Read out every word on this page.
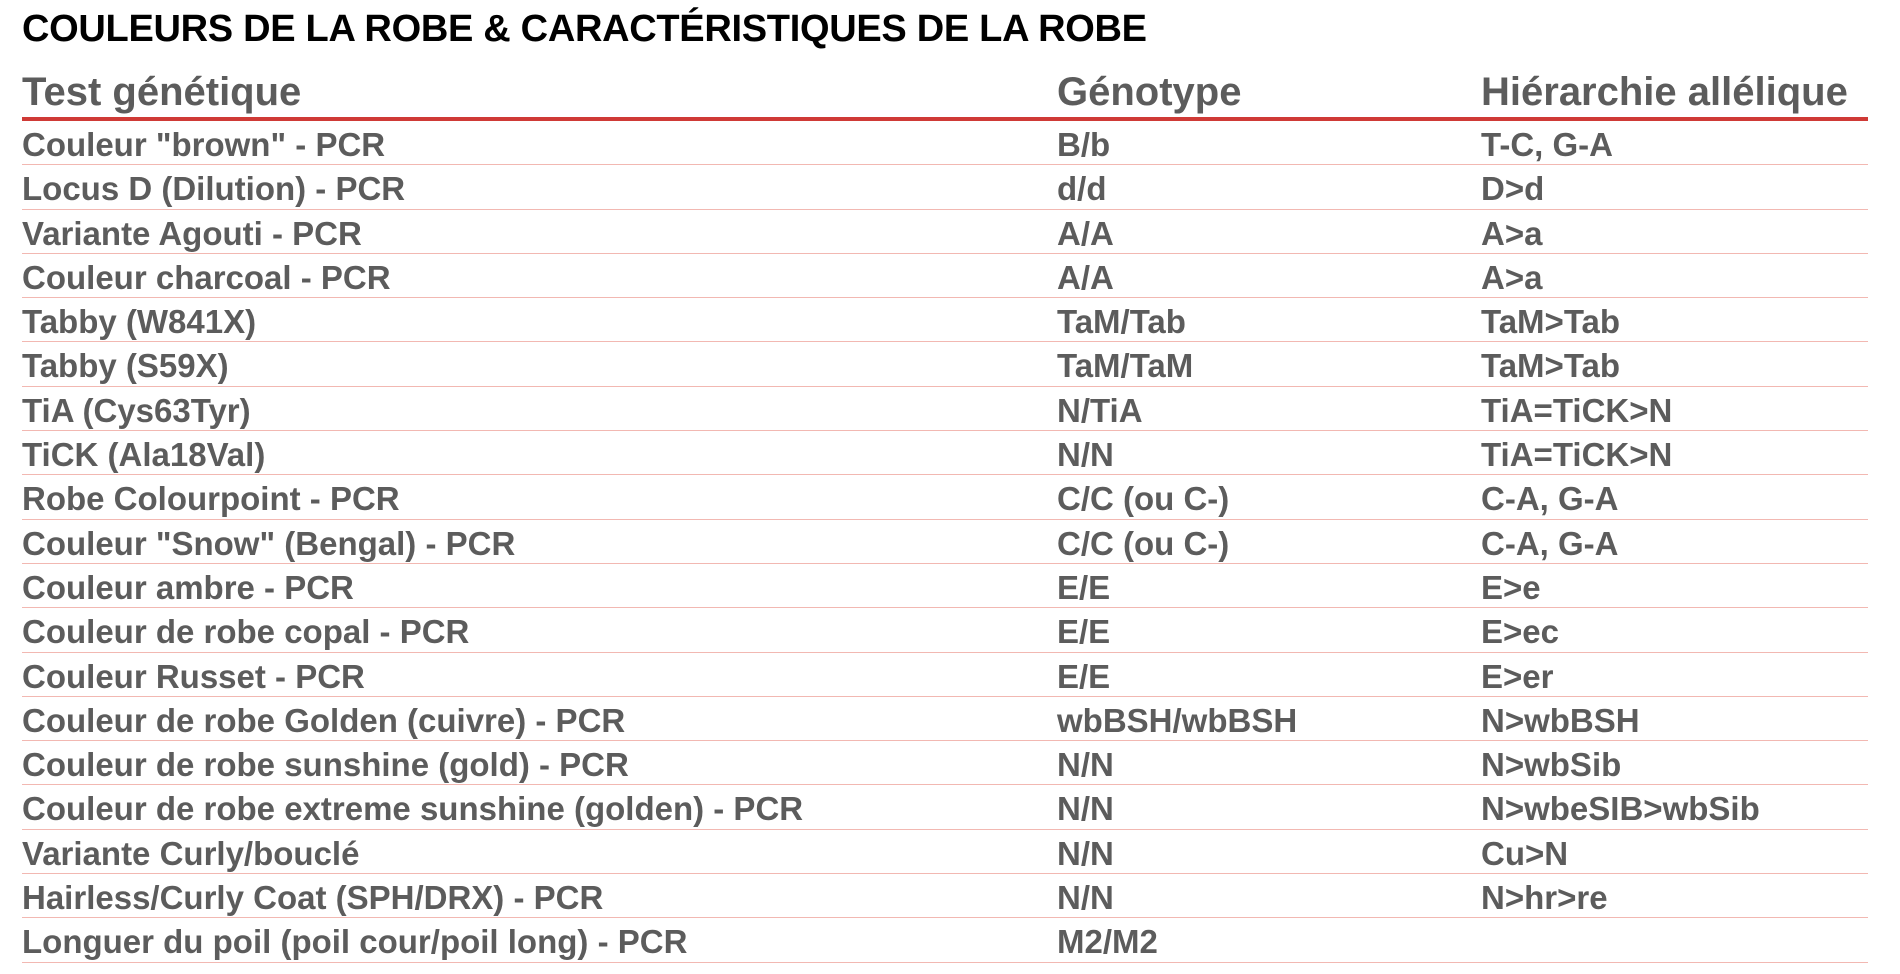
COULEURS DE LA ROBE & CARACTÉRISTIQUES DE LA ROBE
Test génétique	Génotype	Hiérarchie allélique
Couleur "brown" - PCR	B/b	T-C, G-A
Locus D (Dilution) - PCR	d/d	D>d
Variante Agouti - PCR	A/A	A>a
Couleur charcoal - PCR	A/A	A>a
Tabby (W841X)	TaM/Tab	TaM>Tab
Tabby (S59X)	TaM/TaM	TaM>Tab
TiA (Cys63Tyr)	N/TiA	TiA=TiCK>N
TiCK (Ala18Val)	N/N	TiA=TiCK>N
Robe Colourpoint - PCR	C/C (ou C-)	C-A, G-A
Couleur "Snow" (Bengal) - PCR	C/C (ou C-)	C-A, G-A
Couleur ambre - PCR	E/E	E>e
Couleur de robe copal - PCR	E/E	E>ec
Couleur Russet - PCR	E/E	E>er
Couleur de robe Golden (cuivre) - PCR	wbBSH/wbBSH	N>wbBSH
Couleur de robe sunshine (gold) - PCR	N/N	N>wbSib
Couleur de robe extreme sunshine (golden) - PCR	N/N	N>wbeSIB>wbSib
Variante Curly/bouclé	N/N	Cu>N
Hairless/Curly Coat (SPH/DRX) - PCR	N/N	N>hr>re
Longuer du poil (poil cour/poil long) - PCR	M2/M2
